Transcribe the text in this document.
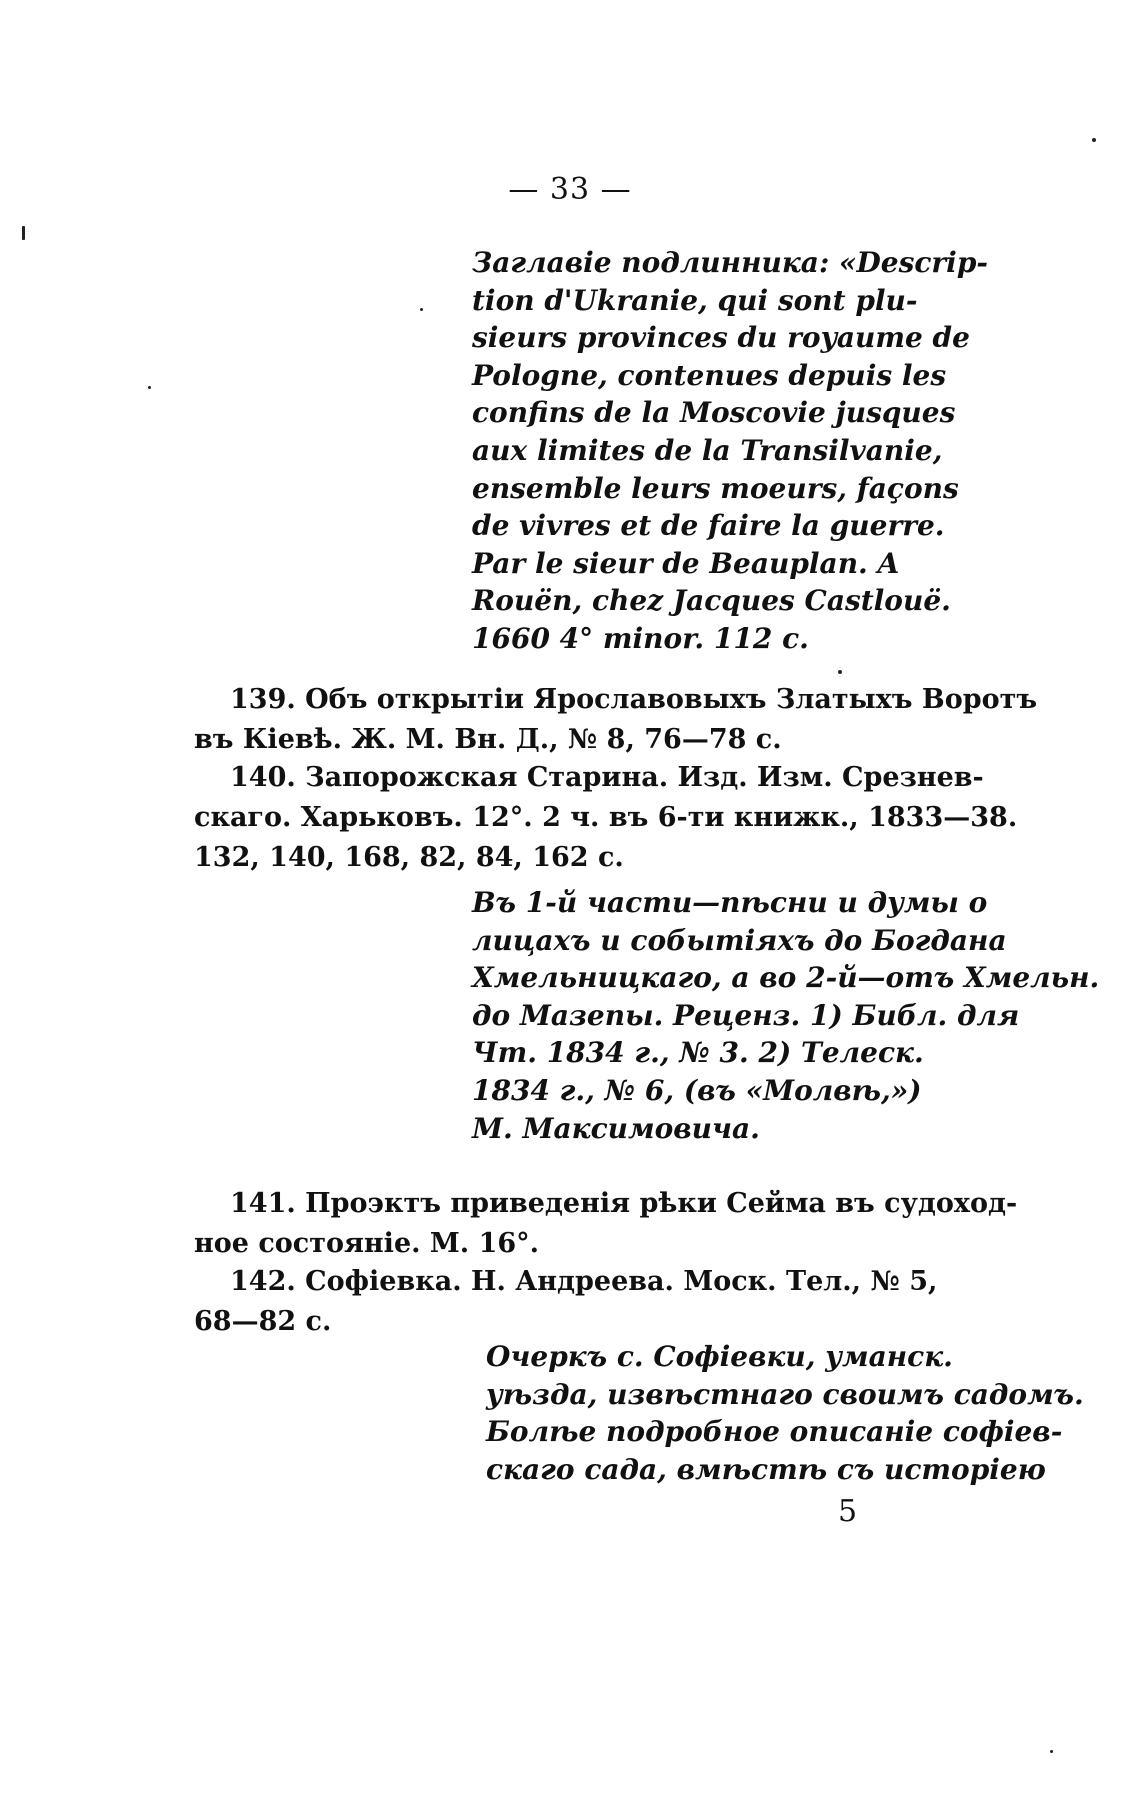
— 33 —

Заглавіе подлинника: «Descrip-
tion d'Ukranie, qui sont plu-
sieurs provinces du royaume de
Pologne, contenues depuis les
confins de la Moscovie jusques
aux limites de la Transilvanie,
ensemble leurs moeurs, façons
de vivres et de faire la guerre.
Par le sieur de Beauplan. A
Rouën, chez Jacques Castlouë.
1660 4° minor. 112 c.

139. Объ открытіи Ярославовыхъ Златыхъ Воротъ
въ Кіевѣ. Ж. М. Вн. Д., № 8, 76—78 с.

140. Запорожская Старина. Изд. Изм. Срезнев-
скаго. Харьковъ. 12°. 2 ч. въ 6-ти книжк., 1833—38.
132, 140, 168, 82, 84, 162 с.

Въ 1-й части—пѣсни и думы о
лицахъ и событіяхъ до Богдана
Хмельницкаго, а во 2-й—отъ Хмельн.
до Мазепы. Реценз. 1) Библ. для
Чт. 1834 г., № 3. 2) Телеск.
1834 г., № 6, (въ «Молвѣ,»)
М. Максимовича.

141. Проэктъ приведенія рѣки Сейма въ судоход-
ное состояніе. М. 16°.

142. Софіевка. Н. Андреева. Моск. Тел., № 5,
68—82 с.

Очеркъ с. Софіевки, уманск.
уѣзда, извѣстнаго своимъ садомъ.
Болѣе подробное описаніе софіев-
скаго сада, вмѣстѣ съ исторіею

5
